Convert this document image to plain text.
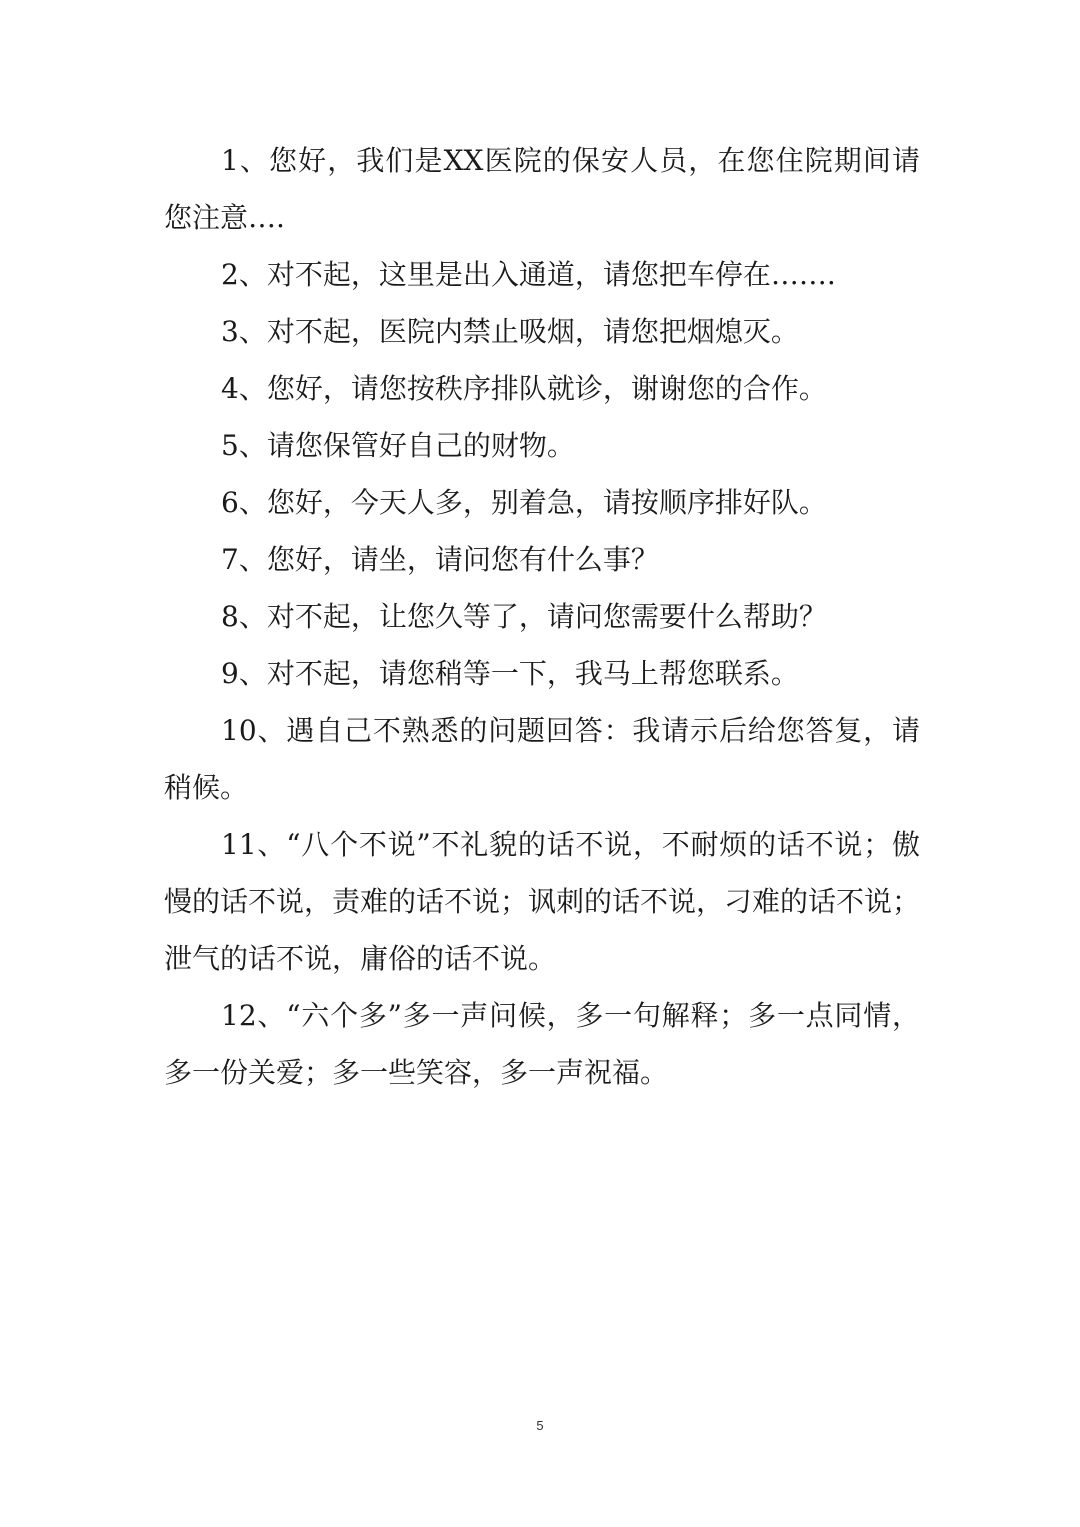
1、您好，我们是XX医院的保安人员，在您住院期间请您注意….

2、对不起，这里是出入通道，请您把车停在…….

3、对不起，医院内禁止吸烟，请您把烟熄灭。

4、您好，请您按秩序排队就诊，谢谢您的合作。

5、请您保管好自己的财物。

6、您好，今天人多，别着急，请按顺序排好队。

7、您好，请坐，请问您有什么事？

8、对不起，让您久等了，请问您需要什么帮助？

9、对不起，请您稍等一下，我马上帮您联系。

10、遇自己不熟悉的问题回答：我请示后给您答复，请稍候。

11、“八个不说”不礼貌的话不说，不耐烦的话不说；傲慢的话不说，责难的话不说；讽刺的话不说，刁难的话不说；泄气的话不说，庸俗的话不说。

12、“六个多”多一声问候，多一句解释；多一点同情，多一份关爱；多一些笑容，多一声祝福。

5
